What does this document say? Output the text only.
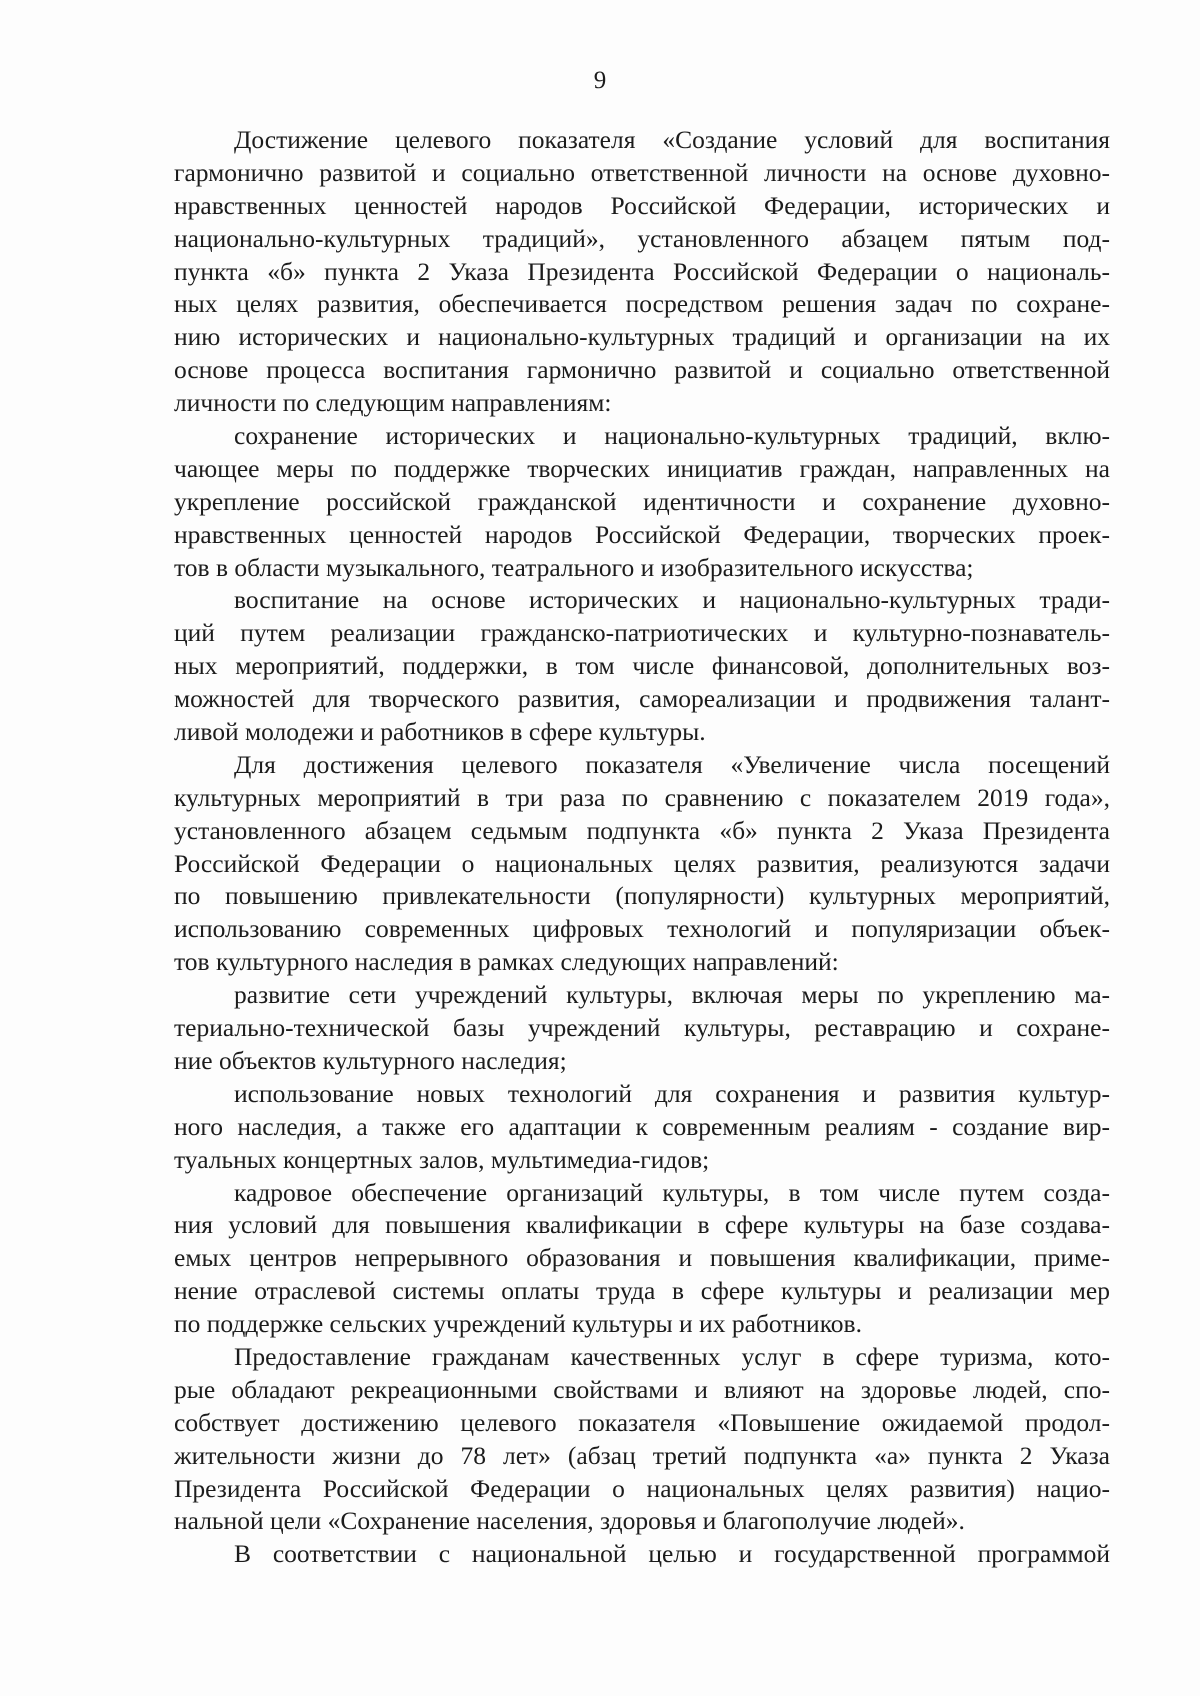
9
Достижение целевого показателя «Создание условий для воспитания
гармонично развитой и социально ответственной личности на основе духовно-
нравственных ценностей народов Российской Федерации, исторических и
национально-культурных традиций», установленного абзацем пятым под-
пункта «б» пункта 2 Указа Президента Российской Федерации о националь-
ных целях развития, обеспечивается посредством решения задач по сохране-
нию исторических и национально-культурных традиций и организации на их
основе процесса воспитания гармонично развитой и социально ответственной
личности по следующим направлениям:
сохранение исторических и национально-культурных традиций, вклю-
чающее меры по поддержке творческих инициатив граждан, направленных на
укрепление российской гражданской идентичности и сохранение духовно-
нравственных ценностей народов Российской Федерации, творческих проек-
тов в области музыкального, театрального и изобразительного искусства;
воспитание на основе исторических и национально-культурных тради-
ций путем реализации гражданско-патриотических и культурно-познаватель-
ных мероприятий, поддержки, в том числе финансовой, дополнительных воз-
можностей для творческого развития, самореализации и продвижения талант-
ливой молодежи и работников в сфере культуры.
Для достижения целевого показателя «Увеличение числа посещений
культурных мероприятий в три раза по сравнению с показателем 2019 года»,
установленного абзацем седьмым подпункта «б» пункта 2 Указа Президента
Российской Федерации о национальных целях развития, реализуются задачи
по повышению привлекательности (популярности) культурных мероприятий,
использованию современных цифровых технологий и популяризации объек-
тов культурного наследия в рамках следующих направлений:
развитие сети учреждений культуры, включая меры по укреплению ма-
териально-технической базы учреждений культуры, реставрацию и сохране-
ние объектов культурного наследия;
использование новых технологий для сохранения и развития культур-
ного наследия, а также его адаптации к современным реалиям - создание вир-
туальных концертных залов, мультимедиа-гидов;
кадровое обеспечение организаций культуры, в том числе путем созда-
ния условий для повышения квалификации в сфере культуры на базе создава-
емых центров непрерывного образования и повышения квалификации, приме-
нение отраслевой системы оплаты труда в сфере культуры и реализации мер
по поддержке сельских учреждений культуры и их работников.
Предоставление гражданам качественных услуг в сфере туризма, кото-
рые обладают рекреационными свойствами и влияют на здоровье людей, спо-
собствует достижению целевого показателя «Повышение ожидаемой продол-
жительности жизни до 78 лет» (абзац третий подпункта «а» пункта 2 Указа
Президента Российской Федерации о национальных целях развития) нацио-
нальной цели «Сохранение населения, здоровья и благополучие людей».
В соответствии с национальной целью и государственной программой
